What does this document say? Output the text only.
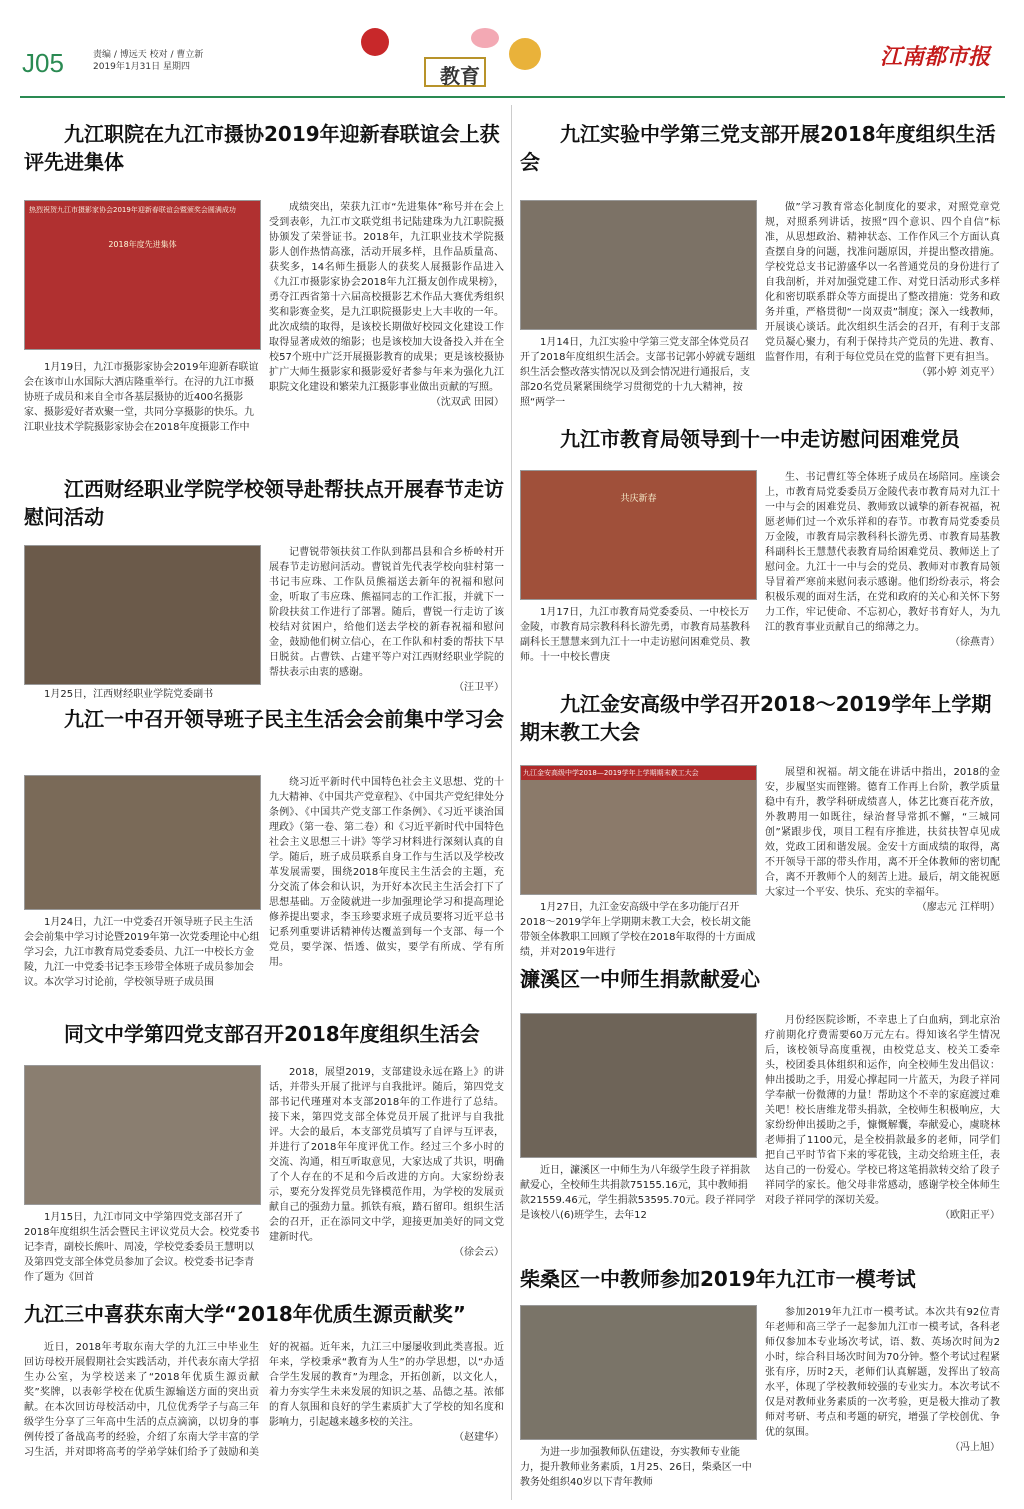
J05	责编 / 博远天 校对 / 曹立新
2019年1月31日 星期四	教育
江南都市报
九江职院在九江市摄协2019年迎新春联谊会上获评先进集体
热烈祝贺九江市摄影家协会2019年迎新春联谊会暨颁奖会圆满成功
2018年度先进集体
1月19日，九江市摄影家协会2019年迎新春联谊会在该市山水国际大酒店隆重举行。在浔的九江市摄协班子成员和来自全市各基层摄协的近400名摄影家、摄影爱好者欢聚一堂，共同分享摄影的快乐。九江职业技术学院摄影家协会在2018年度摄影工作中
成绩突出，荣获九江市“先进集体”称号并在会上受到表彰，九江市文联党组书记陆建珠为九江职院摄协颁发了荣誉证书。2018年，九江职业技术学院摄影人创作热情高涨，活动开展多样，且作品质量高、获奖多，14名师生摄影人的获奖人展摄影作品进入《九江市摄影家协会2018年九江摄友创作成果榜》，勇夺江西省第十六届高校摄影艺术作品大赛优秀组织奖和影赛金奖，是九江职院摄影史上大丰收的一年。此次成绩的取得，是该校长期做好校园文化建设工作取得显著成效的缩影；也是该校加大设备投入并在全校57个班中广泛开展摄影教育的成果；更是该校摄协扩广大师生摄影家和摄影爱好者参与年来为强化九江职院文化建设和繁荣九江摄影事业做出贡献的写照。
（沈双武 田园）
江西财经职业学院学校领导赴帮扶点开展春节走访慰问活动
1月25日，江西财经职业学院党委副书
记曹锐带领扶贫工作队到都昌县和合乡桥岭村开展春节走访慰问活动。曹锐首先代表学校向驻村第一书记韦应珠、工作队员熊福送去新年的祝福和慰问金，听取了韦应珠、熊福同志的工作汇报，并就下一阶段扶贫工作进行了部署。随后，曹锐一行走访了该校结对贫困户，给他们送去学校的新春祝福和慰问金，鼓励他们树立信心，在工作队和村委的帮扶下早日脱贫。占曹铁、占建平等户对江西财经职业学院的帮扶表示由衷的感谢。
（汪卫平）
九江一中召开领导班子民主生活会会前集中学习会
1月24日，九江一中党委召开领导班子民主生活会会前集中学习讨论暨2019年第一次党委理论中心组学习会，九江市教育局党委委员、九江一中校长方金陵，九江一中党委书记李玉珍带全体班子成员参加会议。本次学习讨论前，学校领导班子成员围
绕习近平新时代中国特色社会主义思想、党的十九大精神、《中国共产党章程》、《中国共产党纪律处分条例》、《中国共产党支部工作条例》、《习近平谈治国理政》（第一卷、第二卷）和《习近平新时代中国特色社会主义思想三十讲》等学习材料进行深刻认真的自学。随后，班子成员联系自身工作与生活以及学校改革发展需要，围绕2018年度民主生活会的主题，充分交流了体会和认识，为开好本次民主生活会打下了思想基础。万金陵就进一步加强理论学习和提高理论修养提出要求，李玉珍要求班子成员要将习近平总书记系列重要讲话精神传达覆盖到每一个支部、每一个党员，要学深、悟透、做实，要学有所成、学有所用。
同文中学第四党支部召开2018年度组织生活会
1月15日，九江市同文中学第四党支部召开了2018年度组织生活会暨民主评议党员大会。校党委书记李青，副校长熊叶、周凌，学校党委委员王慧明以及第四党支部全体党员参加了会议。校党委书记李青作了题为《回首
2018，展望2019，支部建设永远在路上》的讲话，并带头开展了批评与自我批评。随后，第四党支部书记代瑾瑾对本支部2018年的工作进行了总结。接下来，第四党支部全体党员开展了批评与自我批评。大会的最后，本支部党员填写了自评与互评表，并进行了2018年年度评优工作。经过三个多小时的交流、沟通，相互听取意见，大家达成了共识，明确了个人存在的不足和今后改进的方向。大家纷纷表示，要充分发挥党员先锋模范作用，为学校的发展贡献自己的强劲力量。抓铁有痕，踏石留印。组织生活会的召开，正在添同文中学，迎接更加美好的同文党建新时代。
（徐会云）
九江三中喜获东南大学“2018年优质生源贡献奖”
近日，2018年考取东南大学的九江三中毕业生回访母校开展假期社会实践活动，并代表东南大学招生办公室，为学校送来了“2018年优质生源贡献奖”奖牌，以表彰学校在优质生源输送方面的突出贡献。在本次回访母校活动中，几位优秀学子与高三年级学生分享了三年高中生活的点点滴滴，以切身的事例传授了备战高考的经验，介绍了东南大学丰富的学习生活，并对即将高考的学弟学妹们给予了鼓励和美好的祝福。近年来，九江三中屡屡收到此类喜报。近年来，学校秉承“教育为人生”的办学思想，以“办适合学生发展的教育”为理念，开拓创新，以文化人，着力夯实学生未来发展的知识之基、品德之基。浓郁的育人氛围和良好的学生素质扩大了学校的知名度和影响力，引起越来越多校的关注。
（赵建华）
九江实验中学第三党支部开展2018年度组织生活会
1月14日，九江实验中学第三党支部全体党员召开了2018年度组织生活会。支部书记郭小婷就专题组织生活会整改落实情况以及到会情况进行通报后，支部20名党员紧紧围绕学习贯彻党的十九大精神，按照“两学一
做”学习教育常态化制度化的要求，对照党章党规，对照系列讲话，按照“四个意识、四个自信”标准，从思想政治、精神状态、工作作风三个方面认真查摆自身的问题，找准问题原因，并提出整改措施。学校党总支书记游盛华以一名普通党员的身份进行了自我剖析，并对加强党建工作、对党日活动形式多样化和密切联系群众等方面提出了整改措施：党务和政务并重，严格贯彻“一岗双责”制度；深入一线教师，开展谈心谈话。此次组织生活会的召开，有利于支部党员凝心聚力，有利于保持共产党员的先进、教育、监督作用，有利于每位党员在党的监督下更有担当。
（郭小婷 刘克平）
九江市教育局领导到十一中走访慰问困难党员
共庆新春
1月17日，九江市教育局党委委员、一中校长万金陵，市教育局宗教科科长游先勇，市教育局基教科副科长王慧慧来到九江十一中走访慰问困难党员、教师。十一中校长曹庚
生、书记曹红等全体班子成员在场陪同。座谈会上，市教育局党委委员万金陵代表市教育局对九江十一中与会的困难党员、教师致以诚挚的新春祝福，祝愿老师们过一个欢乐祥和的春节。市教育局党委委员万金陵，市教育局宗教科科长游先勇、市教育局基教科副科长王慧慧代表教育局给困难党员、教师送上了慰问金。九江十一中与会的党员、教师对市教育局领导冒着严寒前来慰问表示感谢。他们纷纷表示，将会积极乐观的面对生活，在党和政府的关心和关怀下努力工作，牢记使命、不忘初心，教好书育好人，为九江的教育事业贡献自己的绵薄之力。
（徐燕青）
九江金安高级中学召开2018～2019学年上学期期末教工大会
九江金安高级中学2018—2019学年上学期期末教工大会
1月27日，九江金安高级中学在多功能厅召开2018～2019学年上学期期末教工大会，校长胡文能带领全体教职工回顾了学校在2018年取得的十方面成绩，并对2019年进行
展望和祝福。胡文能在讲话中指出，2018的金安，步履坚实而铿锵。德育工作再上台阶，教学质量稳中有升，教学科研成绩喜人，体艺比赛百花齐放，外教聘用一如既往，绿治督导常抓不懈，“三城同创”紧跟步伐，项目工程有序推进，扶贫扶智卓见成效，党政工团和谐发展。金安十方面成绩的取得，离不开领导干部的带头作用，离不开全体教师的密切配合，离不开教师个人的刻苦上进。最后，胡文能祝愿大家过一个平安、快乐、充实的幸福年。
（廖志元 江样明）
濂溪区一中师生捐款献爱心
近日，濂溪区一中师生为八年级学生段子祥捐款献爱心，全校师生共捐款75155.16元，其中教师捐款21559.46元，学生捐款53595.70元。段子祥同学是该校八(6)班学生，去年12
月份经医院诊断，不幸患上了白血病，到北京治疗前期化疗费需要60万元左右。得知该名学生情况后，该校领导高度重视，由校党总支、校关工委牵头，校团委具体组织和运作，向全校师生发出倡议：伸出援助之手，用爱心撑起同一片蓝天，为段子祥同学奉献一份微薄的力量！帮助这个不幸的家庭渡过难关吧！校长唐维龙带头捐款，全校师生积极响应，大家纷纷伸出援助之手，慷慨解囊，奉献爱心，虞晓林老师捐了1100元，是全校捐款最多的老师，同学们把自己平时节省下来的零花钱，主动交给班主任，表达自己的一份爱心。学校已将这笔捐款转交给了段子祥同学的家长。他父母非常感动，感谢学校全体师生对段子祥同学的深切关爱。
（欧阳正平）
柴桑区一中教师参加2019年九江市一模考试
为进一步加强教师队伍建设，夯实教师专业能力，提升教师业务素质，1月25、26日，柴桑区一中教务处组织40岁以下青年教师
参加2019年九江市一模考试。本次共有92位青年老师和高三学子一起参加九江市一模考试，各科老师仅参加本专业场次考试，语、数、英场次时间为2小时，综合科目场次时间为70分钟。整个考试过程紧张有序，历时2天，老师们认真解题，发挥出了较高水平，体现了学校教师较强的专业实力。本次考试不仅是对教师业务素质的一次考验，更是极大推动了教师对考研、考点和考题的研究，增强了学校创优、争优的氛围。
（冯上旭）
